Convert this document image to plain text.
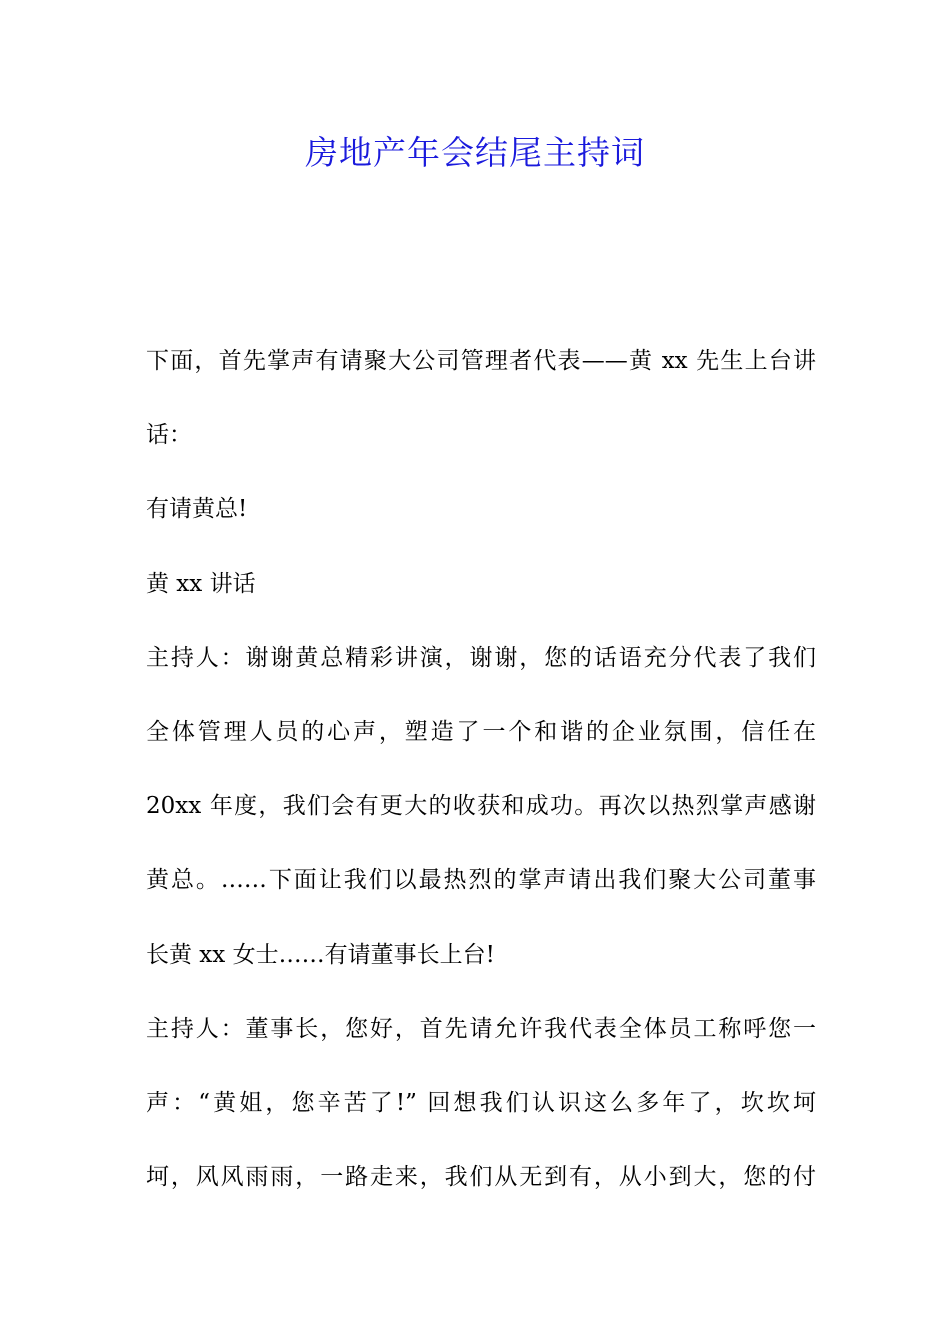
房地产年会结尾主持词
下面，首先掌声有请聚大公司管理者代表——黄 xx 先生上台讲
话：
有请黄总!
黄 xx 讲话
主持人：谢谢黄总精彩讲演，谢谢，您的话语充分代表了我们
全体管理人员的心声，塑造了一个和谐的企业氛围，信任在
20xx 年度，我们会有更大的收获和成功。再次以热烈掌声感谢
黄总。……下面让我们以最热烈的掌声请出我们聚大公司董事
长黄 xx 女士……有请董事长上台!
主持人：董事长，您好，首先请允许我代表全体员工称呼您一
声：“黄姐，您辛苦了!” 回想我们认识这么多年了，坎坎坷
坷，风风雨雨，一路走来，我们从无到有，从小到大，您的付
